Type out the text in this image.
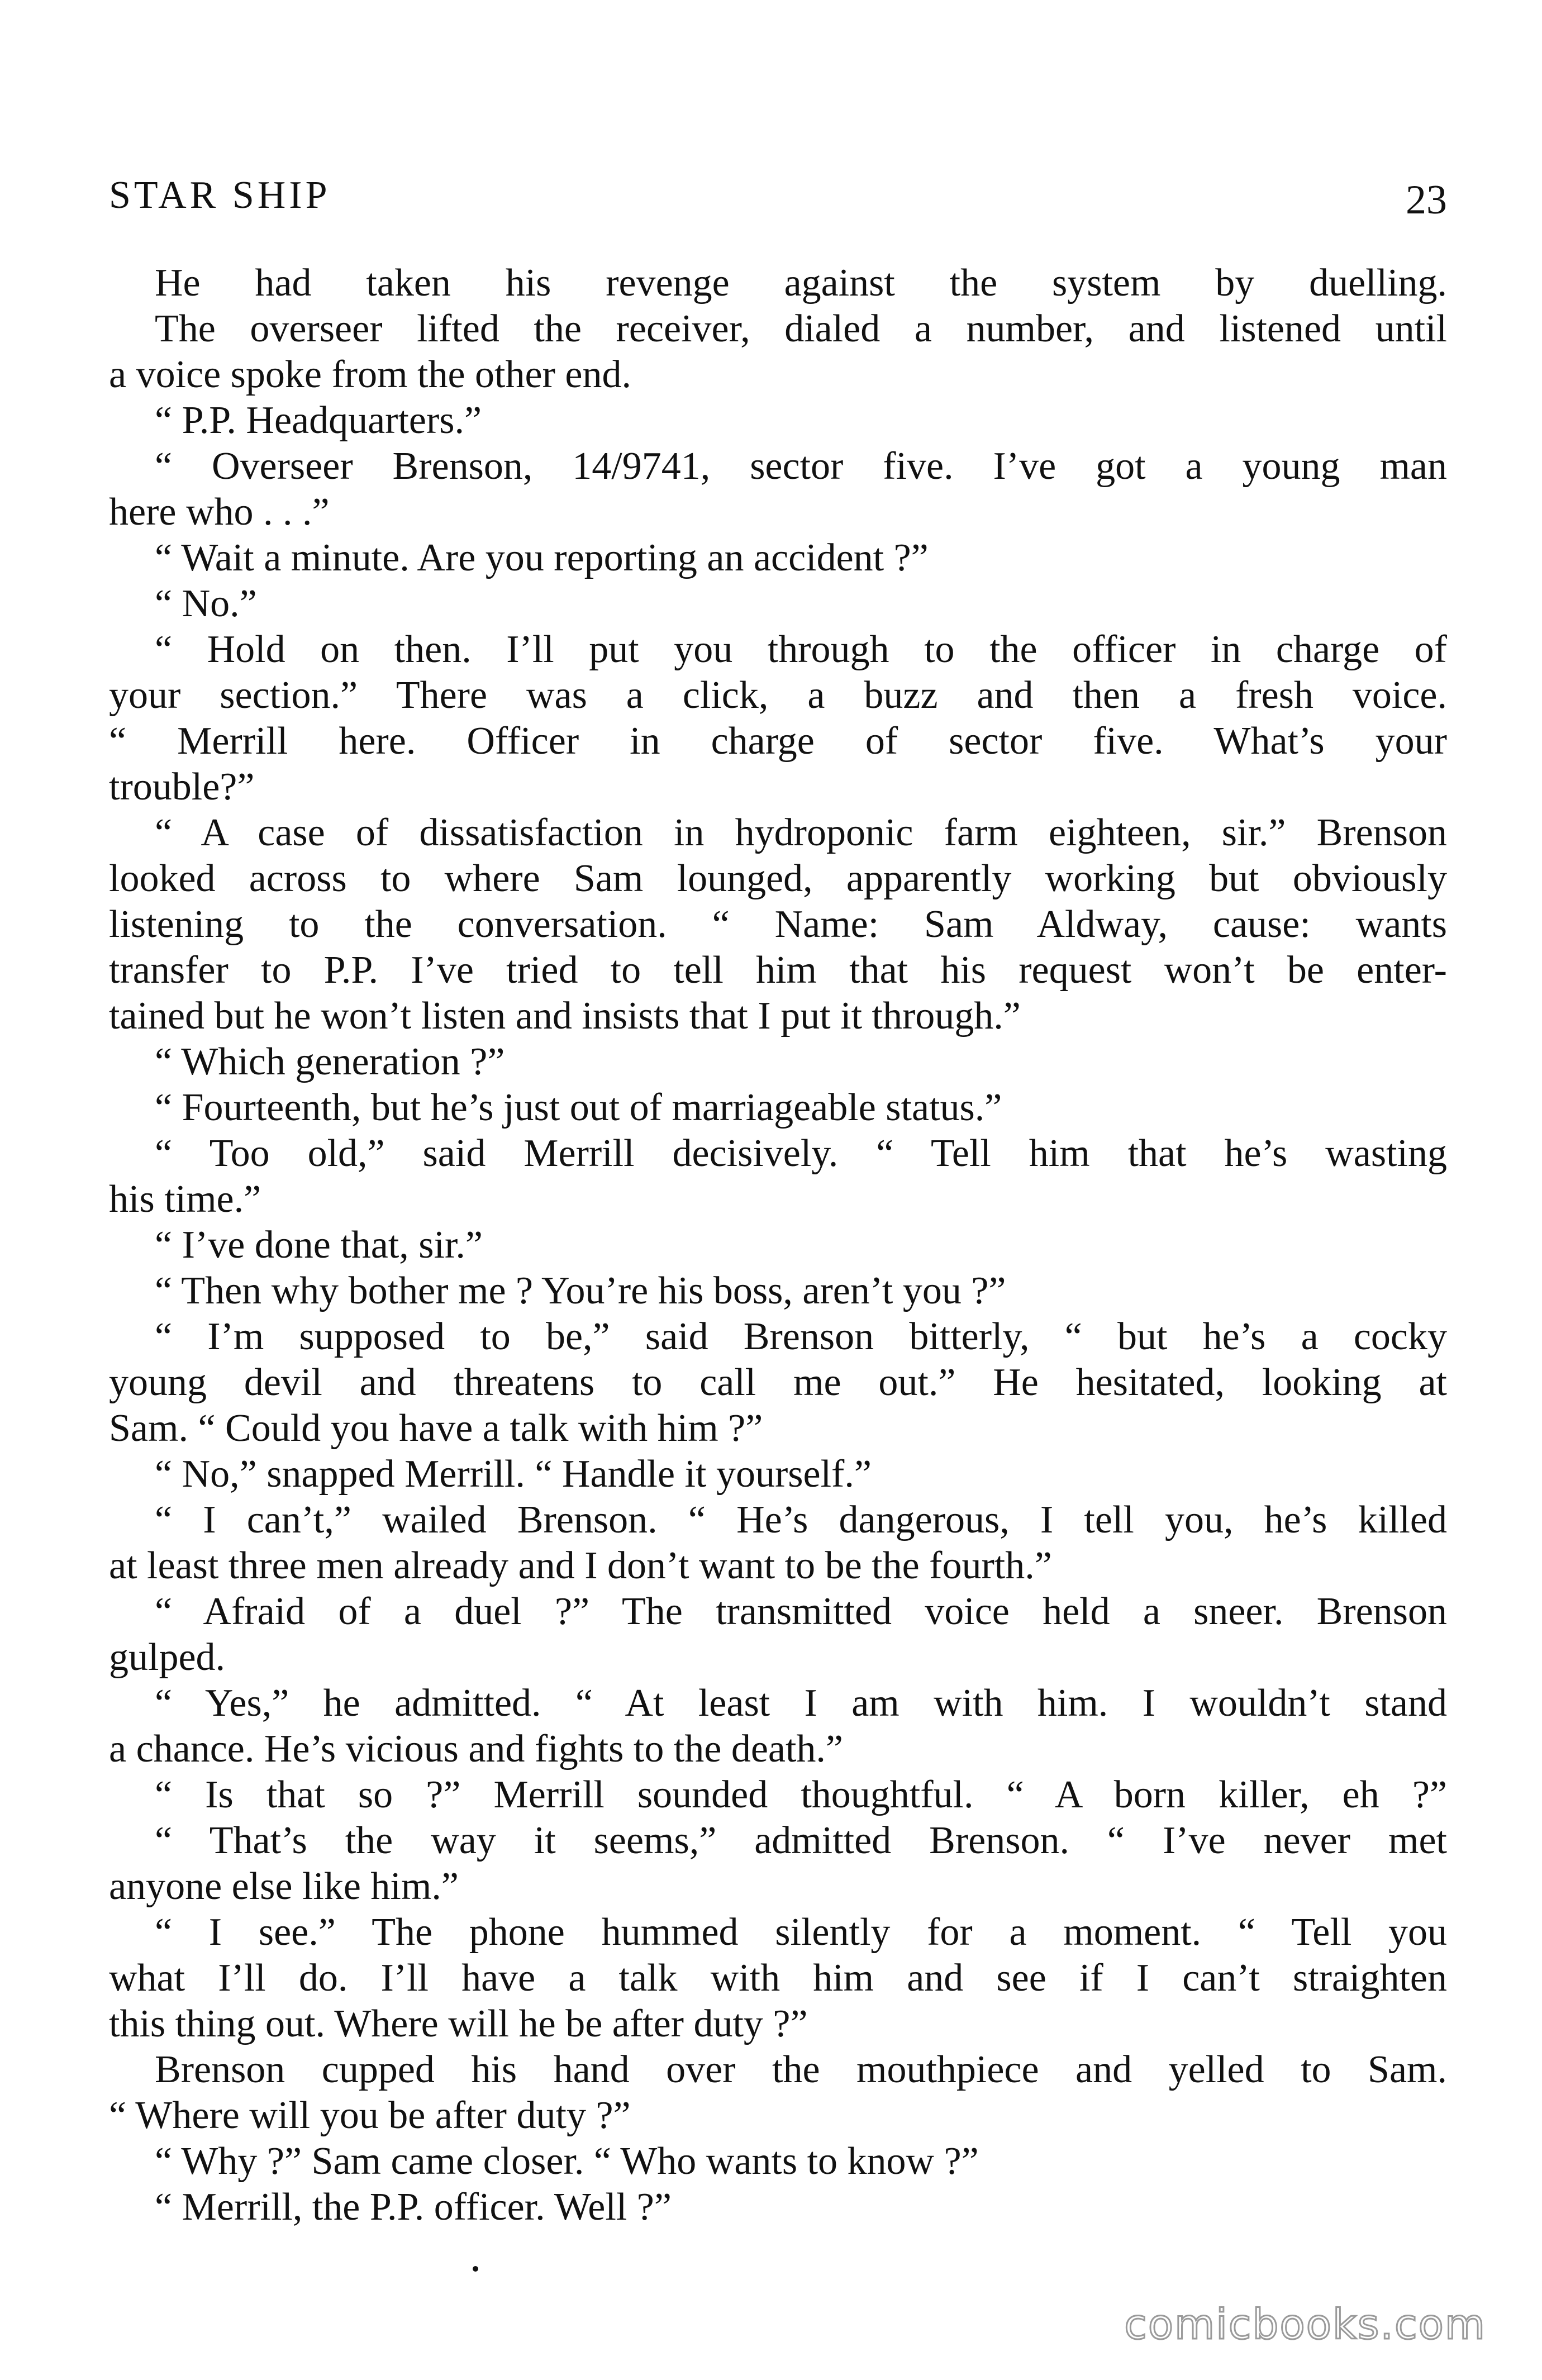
STAR SHIP	23
He had taken his revenge against the system by duelling.
The overseer lifted the receiver, dialed a number, and listened until
a voice spoke from the other end.
“ P.P. Headquarters.”
“ Overseer Brenson, 14/9741, sector five. I’ve got a young man
here who . . .”
“ Wait a minute. Are you reporting an accident ?”
“ No.”
“ Hold on then. I’ll put you through to the officer in charge of
your section.” There was a click, a buzz and then a fresh voice.
“ Merrill here. Officer in charge of sector five. What’s your
trouble?”
“ A case of dissatisfaction in hydroponic farm eighteen, sir.” Brenson
looked across to where Sam lounged, apparently working but obviously
listening to the conversation. “ Name: Sam Aldway, cause: wants
transfer to P.P. I’ve tried to tell him that his request won’t be enter-
tained but he won’t listen and insists that I put it through.”
“ Which generation ?”
“ Fourteenth, but he’s just out of marriageable status.”
“ Too old,” said Merrill decisively. “ Tell him that he’s wasting
his time.”
“ I’ve done that, sir.”
“ Then why bother me ? You’re his boss, aren’t you ?”
“ I’m supposed to be,” said Brenson bitterly, “ but he’s a cocky
young devil and threatens to call me out.” He hesitated, looking at
Sam. “ Could you have a talk with him ?”
“ No,” snapped Merrill. “ Handle it yourself.”
“ I can’t,” wailed Brenson. “ He’s dangerous, I tell you, he’s killed
at least three men already and I don’t want to be the fourth.”
“ Afraid of a duel ?” The transmitted voice held a sneer. Brenson
gulped.
“ Yes,” he admitted. “ At least I am with him. I wouldn’t stand
a chance. He’s vicious and fights to the death.”
“ Is that so ?” Merrill sounded thoughtful. “ A born killer, eh ?”
“ That’s the way it seems,” admitted Brenson. “ I’ve never met
anyone else like him.”
“ I see.” The phone hummed silently for a moment. “ Tell you
what I’ll do. I’ll have a talk with him and see if I can’t straighten
this thing out. Where will he be after duty ?”
Brenson cupped his hand over the mouthpiece and yelled to Sam.
“ Where will you be after duty ?”
“ Why ?” Sam came closer. “ Who wants to know ?”
“ Merrill, the P.P. officer. Well ?”
comicbooks.com
